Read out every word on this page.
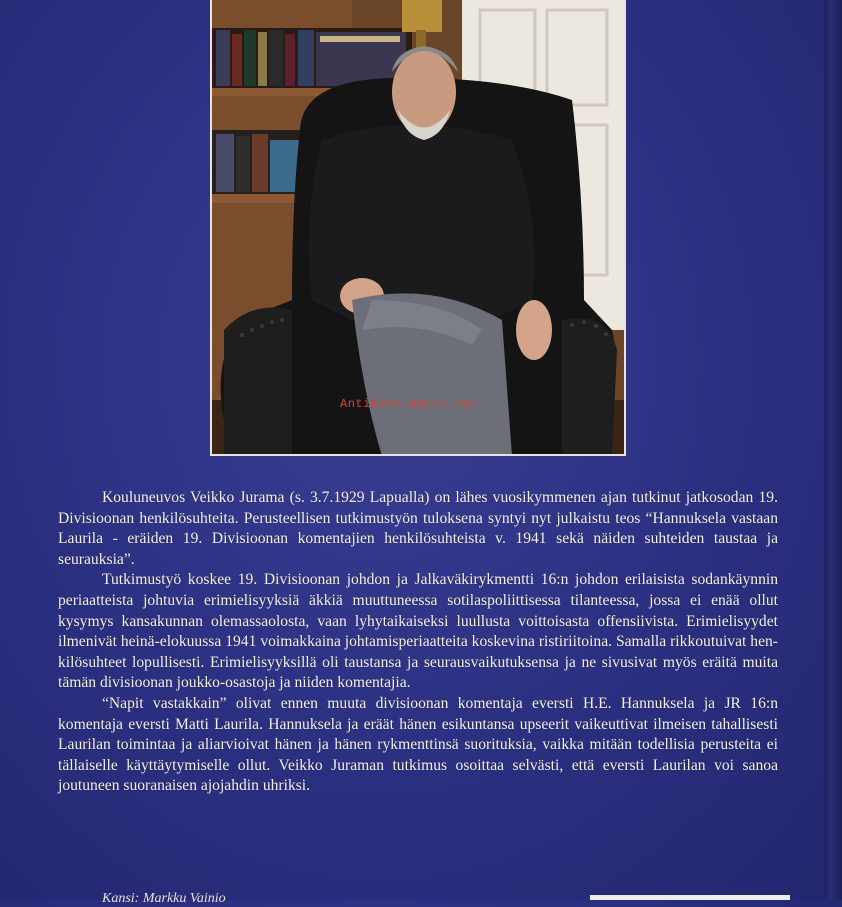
Antikvariaatti.net

Kouluneuvos Veikko Jurama (s. 3.7.1929 Lapualla) on lähes vuosikymmenen ajan tutkinut jatkosodan 19. Divisioonan henkilösuhteita. Perusteellisen tutkimustyön tuloksena syntyi nyt julkaistu teos “Hannuksela vastaan Laurila - eräiden 19. Divisioonan komentajien henkilösuhteista v. 1941 sekä näiden suhteiden taustaa ja seurauksia”.

Tutkimustyö koskee 19. Divisioonan johdon ja Jalkaväkirykmentti 16:n johdon erilaisista sodankäynnin periaatteista johtuvia erimielisyyksiä äkkiä muuttuneessa sotilaspoliittisessa tilanteessa, jossa ei enää ollut kysymys kansakunnan olemassaolosta, vaan lyhytaikaiseksi luullusta voittoisasta offensiivista. Erimielisyydet ilmenivät heinä-elokuussa 1941 voimakkaina johtamisperiaatteita koskevina ristiriitoina. Samalla rikkoutuivat henkilösuhteet lopullisesti. Erimielisyyksillä oli taustansa ja seurausvaikutuksensa ja ne sivusivat myös eräitä muita tämän divisioonan joukko-osastoja ja niiden komentajia.

“Napit vastakkain” olivat ennen muuta divisioonan komentaja eversti H.E. Hannuksela ja JR 16:n komentaja eversti Matti Laurila. Hannuksela ja eräät hänen esikuntansa upseerit vaikeuttivat ilmeisen tahallisesti Laurilan toimintaa ja aliarvioivat hänen ja hänen rykmenttinsä suorituksia, vaikka mitään todellisia perusteita ei tällaiselle käyttäytymiselle ollut. Veikko Juraman tutkimus osoittaa selvästi, että eversti Laurilan voi sanoa joutuneen suoranaisen ajojahdin uhriksi.

Kansi: Markku Vainio
